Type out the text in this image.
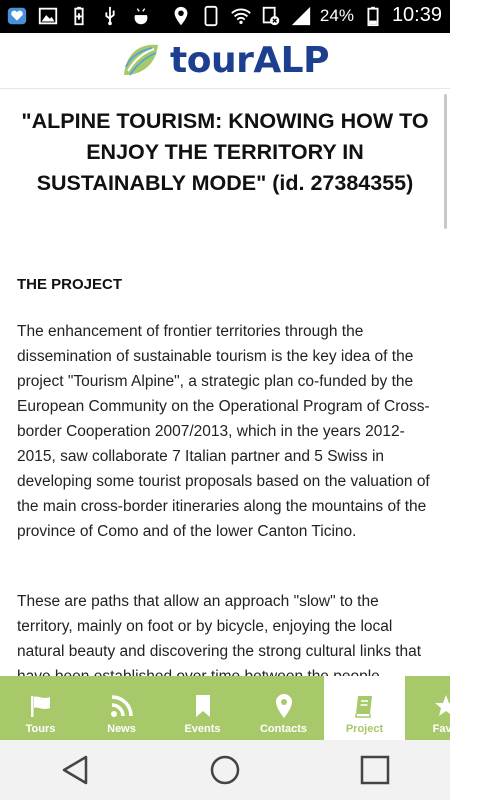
24% 10:39
tourALP
"ALPINE TOURISM: KNOWING HOW TO ENJOY THE TERRITORY IN SUSTAINABLY MODE" (id. 27384355)
THE PROJECT

The enhancement of frontier territories through the dissemination of sustainable tourism is the key idea of the project "Tourism Alpine", a strategic plan co-funded by the European Community on the Operational Program of Cross-border Cooperation 2007/2013, which in the years 2012-2015, saw collaborate 7 Italian partner and 5 Swiss in developing some tourist proposals based on the valuation of the main cross-border itineraries along the mountains of the province of Como and of the lower Canton Ticino.

These are paths that allow an approach "slow" to the territory, mainly on foot or by bicycle, enjoying the local natural beauty and discovering the strong cultural links that

Tours	News	Events	Contacts	Project	Favo
